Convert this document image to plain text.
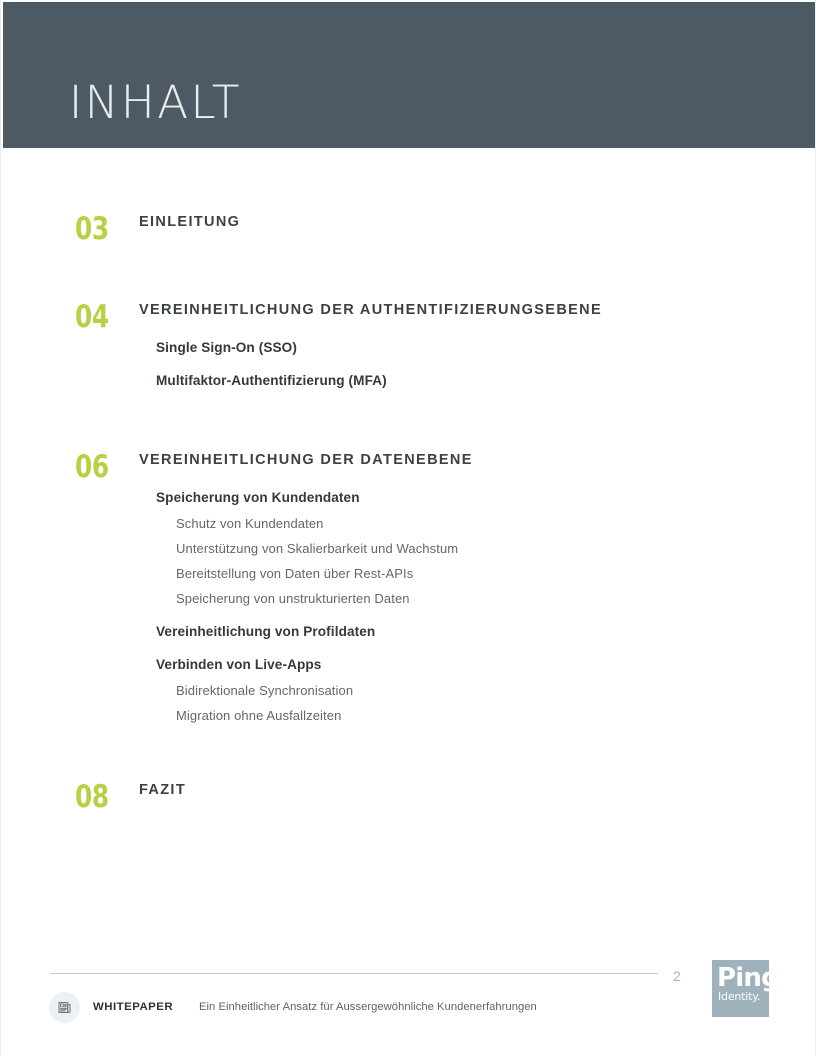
INHALT
03	EINLEITUNG
04	VEREINHEITLICHUNG DER AUTHENTIFIZIERUNGSEBENE
Single Sign-On (SSO)
Multifaktor-Authentifizierung (MFA)
06	VEREINHEITLICHUNG DER DATENEBENE
Speicherung von Kundendaten
Schutz von Kundendaten
Unterstützung von Skalierbarkeit und Wachstum
Bereitstellung von Daten über Rest-APIs
Speicherung von unstrukturierten Daten
Vereinheitlichung von Profildaten
Verbinden von Live-Apps
Bidirektionale Synchronisation
Migration ohne Ausfallzeiten
08	FAZIT
WHITEPAPER Ein Einheitlicher Ansatz für Aussergewöhnliche Kundenerfahrungen
2 Ping
Identity.
